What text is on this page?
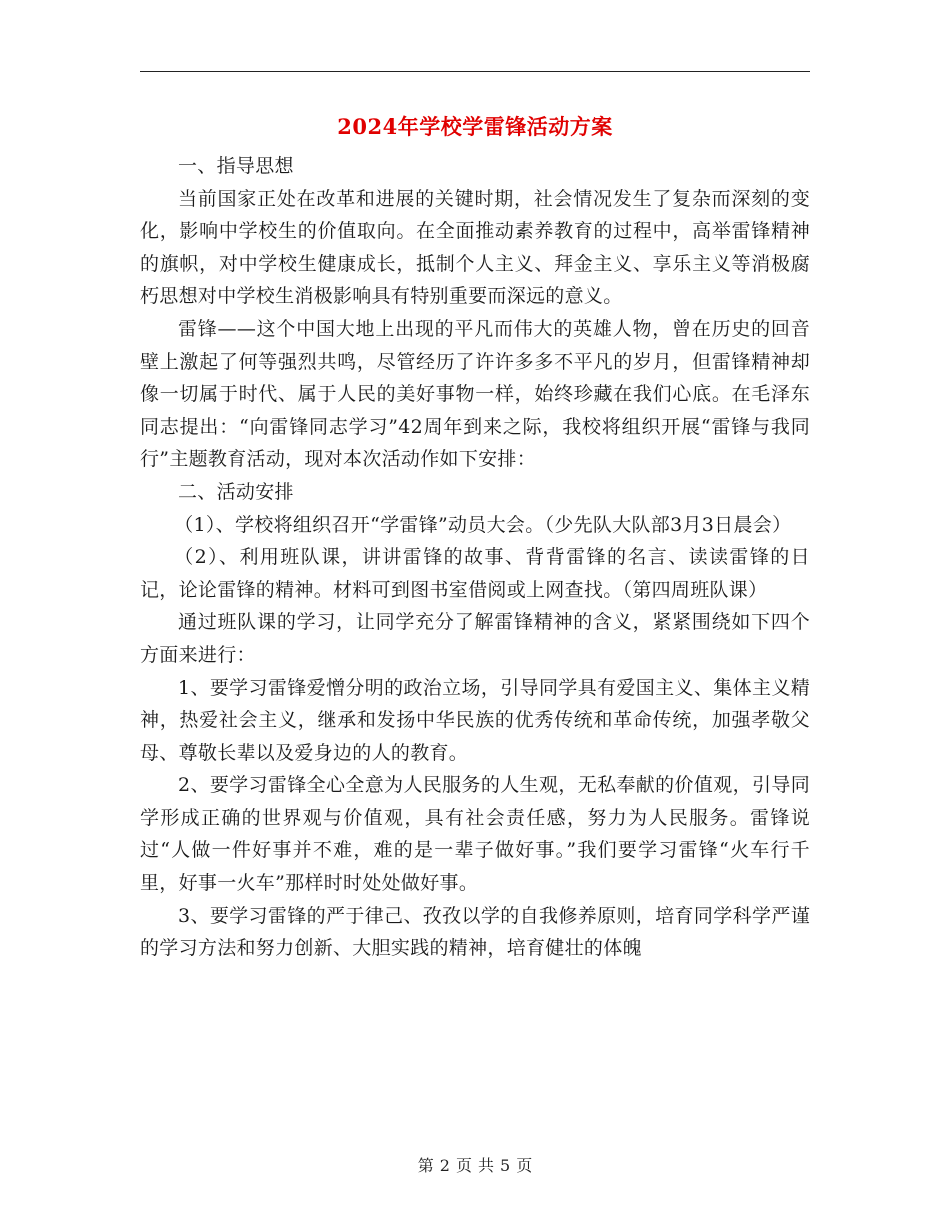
2024年学校学雷锋活动方案

一、指导思想

当前国家正处在改革和进展的关键时期，社会情况发生了复杂而深刻的变化，影响中学校生的价值取向。在全面推动素养教育的过程中，高举雷锋精神的旗帜，对中学校生健康成长，抵制个人主义、拜金主义、享乐主义等消极腐朽思想对中学校生消极影响具有特别重要而深远的意义。

雷锋——这个中国大地上出现的平凡而伟大的英雄人物，曾在历史的回音壁上激起了何等强烈共鸣，尽管经历了许许多多不平凡的岁月，但雷锋精神却像一切属于时代、属于人民的美好事物一样，始终珍藏在我们心底。在毛泽东同志提出：“向雷锋同志学习”42周年到来之际，我校将组织开展“雷锋与我同行”主题教育活动，现对本次活动作如下安排：

二、活动安排

（1）、学校将组织召开“学雷锋”动员大会。（少先队大队部3月3日晨会）

（2）、利用班队课，讲讲雷锋的故事、背背雷锋的名言、读读雷锋的日记，论论雷锋的精神。材料可到图书室借阅或上网查找。（第四周班队课）

通过班队课的学习，让同学充分了解雷锋精神的含义，紧紧围绕如下四个方面来进行：

1、要学习雷锋爱憎分明的政治立场，引导同学具有爱国主义、集体主义精神，热爱社会主义，继承和发扬中华民族的优秀传统和革命传统，加强孝敬父母、尊敬长辈以及爱身边的人的教育。

2、要学习雷锋全心全意为人民服务的人生观，无私奉献的价值观，引导同学形成正确的世界观与价值观，具有社会责任感，努力为人民服务。雷锋说过“人做一件好事并不难，难的是一辈子做好事。”我们要学习雷锋“火车行千里，好事一火车”那样时时处处做好事。

3、要学习雷锋的严于律己、孜孜以学的自我修养原则，培育同学科学严谨的学习方法和努力创新、大胆实践的精神，培育健壮的体魄

第 2 页 共 5 页
